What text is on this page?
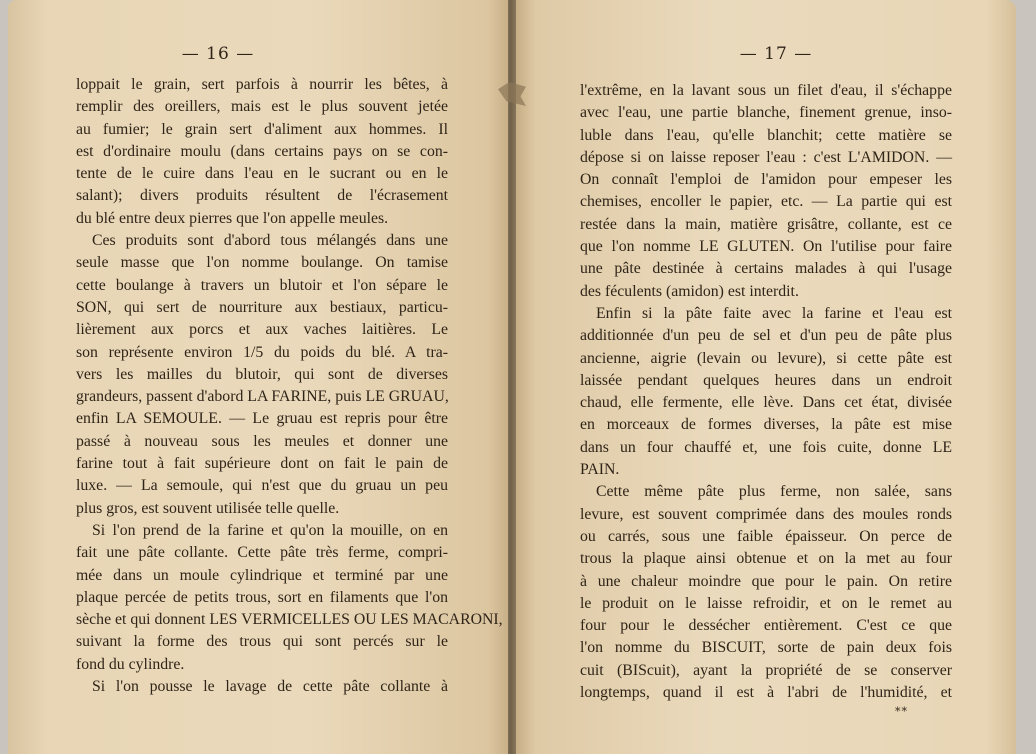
— 16 —
loppait le grain, sert parfois à nourrir les bêtes, à
remplir des oreillers, mais est le plus souvent jetée
au fumier; le grain sert d'aliment aux hommes. Il
est d'ordinaire moulu (dans certains pays on se con-
tente de le cuire dans l'eau en le sucrant ou en le
salant); divers produits résultent de l'écrasement
du blé entre deux pierres que l'on appelle meules.
Ces produits sont d'abord tous mélangés dans une
seule masse que l'on nomme boulange. On tamise
cette boulange à travers un blutoir et l'on sépare le
SON, qui sert de nourriture aux bestiaux, particu-
lièrement aux porcs et aux vaches laitières. Le
son représente environ 1/5 du poids du blé. A tra-
vers les mailles du blutoir, qui sont de diverses
grandeurs, passent d'abord LA FARINE, puis LE GRUAU,
enfin LA SEMOULE. — Le gruau est repris pour être
passé à nouveau sous les meules et donner une
farine tout à fait supérieure dont on fait le pain de
luxe. — La semoule, qui n'est que du gruau un peu
plus gros, est souvent utilisée telle quelle.
Si l'on prend de la farine et qu'on la mouille, on en
fait une pâte collante. Cette pâte très ferme, compri-
mée dans un moule cylindrique et terminé par une
plaque percée de petits trous, sort en filaments que l'on
sèche et qui donnent LES VERMICELLES OU LES MACARONI,
suivant la forme des trous qui sont percés sur le
fond du cylindre.
Si l'on pousse le lavage de cette pâte collante à
— 17 —
l'extrême, en la lavant sous un filet d'eau, il s'échappe
avec l'eau, une partie blanche, finement grenue, inso-
luble dans l'eau, qu'elle blanchit; cette matière se
dépose si on laisse reposer l'eau : c'est L'AMIDON. —
On connaît l'emploi de l'amidon pour empeser les
chemises, encoller le papier, etc. — La partie qui est
restée dans la main, matière grisâtre, collante, est ce
que l'on nomme LE GLUTEN. On l'utilise pour faire
une pâte destinée à certains malades à qui l'usage
des féculents (amidon) est interdit.
Enfin si la pâte faite avec la farine et l'eau est
additionnée d'un peu de sel et d'un peu de pâte plus
ancienne, aigrie (levain ou levure), si cette pâte est
laissée pendant quelques heures dans un endroit
chaud, elle fermente, elle lève. Dans cet état, divisée
en morceaux de formes diverses, la pâte est mise
dans un four chauffé et, une fois cuite, donne LE
PAIN.
Cette même pâte plus ferme, non salée, sans
levure, est souvent comprimée dans des moules ronds
ou carrés, sous une faible épaisseur. On perce de
trous la plaque ainsi obtenue et on la met au four
à une chaleur moindre que pour le pain. On retire
le produit on le laisse refroidir, et on le remet au
four pour le dessécher entièrement. C'est ce que
l'on nomme du BISCUIT, sorte de pain deux fois
cuit (BIScuit), ayant la propriété de se conserver
longtemps, quand il est à l'abri de l'humidité, et
**
